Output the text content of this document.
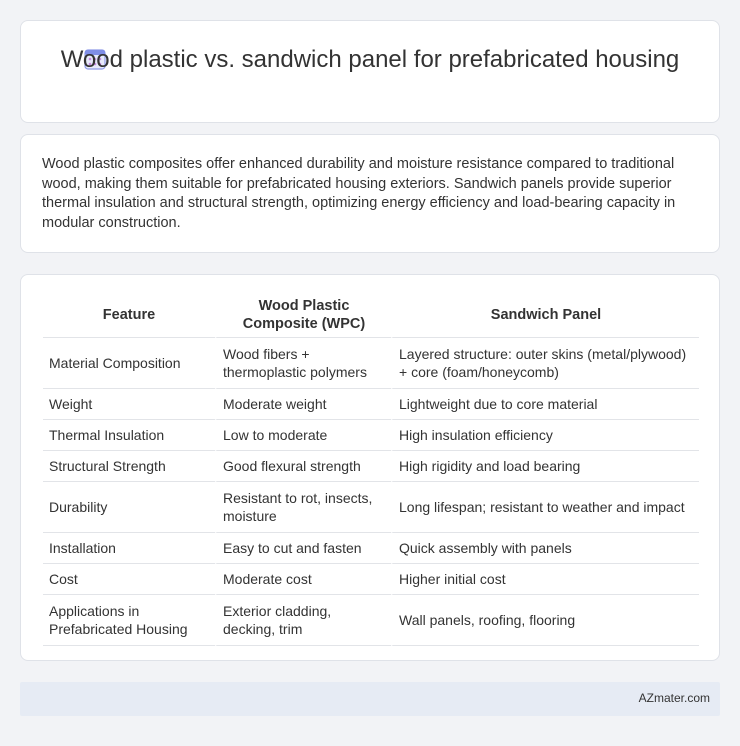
Wood plastic vs. sandwich panel for prefabricated housing

Wood plastic composites offer enhanced durability and moisture resistance compared to traditional wood, making them suitable for prefabricated housing exteriors. Sandwich panels provide superior thermal insulation and structural strength, optimizing energy efficiency and load-bearing capacity in modular construction.

Feature	Wood Plastic Composite (WPC)	Sandwich Panel
Material Composition	Wood fibers + thermoplastic polymers	Layered structure: outer skins (metal/plywood) + core (foam/honeycomb)
Weight	Moderate weight	Lightweight due to core material
Thermal Insulation	Low to moderate	High insulation efficiency
Structural Strength	Good flexural strength	High rigidity and load bearing
Durability	Resistant to rot, insects, moisture	Long lifespan; resistant to weather and impact
Installation	Easy to cut and fasten	Quick assembly with panels
Cost	Moderate cost	Higher initial cost
Applications in Prefabricated Housing	Exterior cladding, decking, trim	Wall panels, roofing, flooring
AZmater.com
